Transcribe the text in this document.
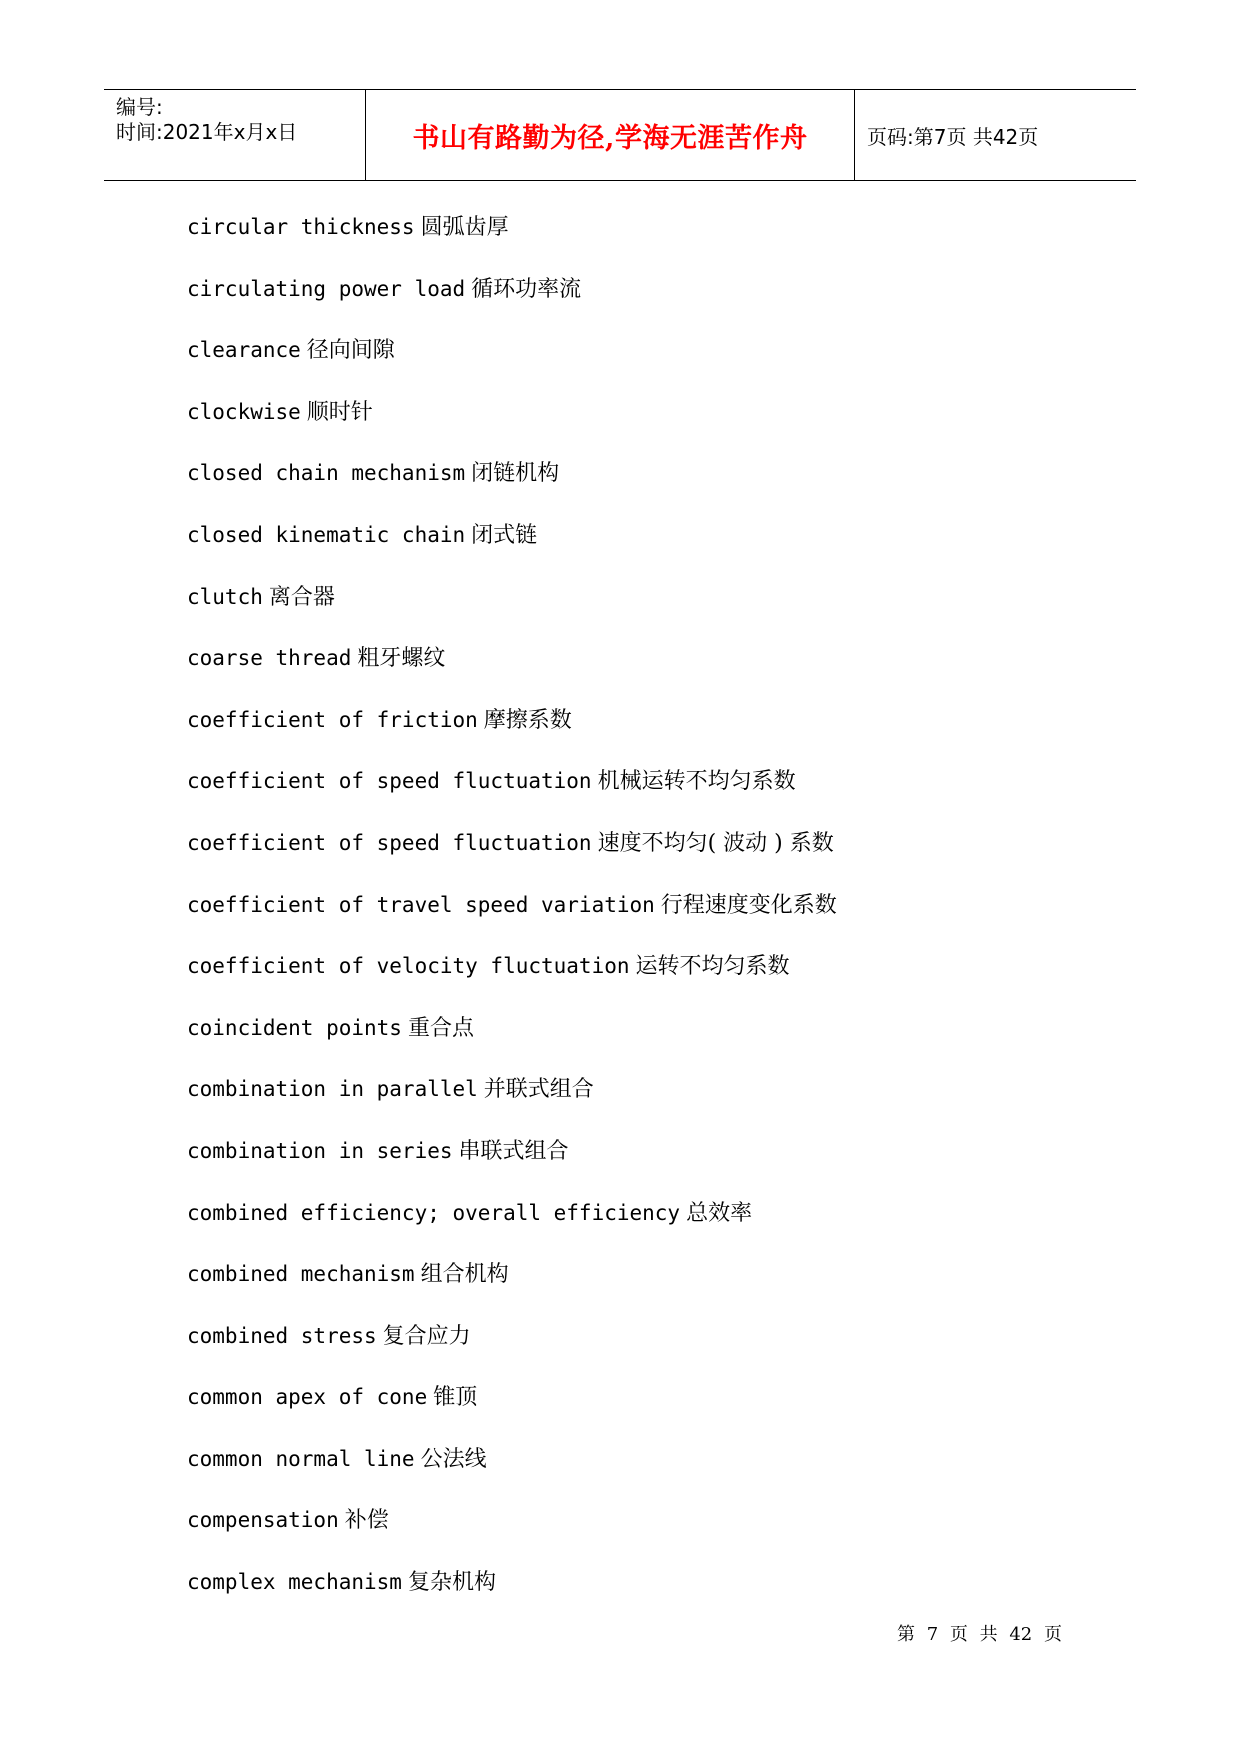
编号:
时间:2021年x月x日	书山有路勤为径,学海无涯苦作舟	页码:第7页 共42页
circular thickness 圆弧齿厚
circulating power load 循环功率流
clearance 径向间隙
clockwise 顺时针
closed chain mechanism 闭链机构
closed kinematic chain 闭式链
clutch 离合器
coarse thread 粗牙螺纹
coefficient of friction 摩擦系数
coefficient of speed fluctuation 机械运转不均匀系数
coefficient of speed fluctuation 速度不均匀( 波动 ) 系数
coefficient of travel speed variation 行程速度变化系数
coefficient of velocity fluctuation 运转不均匀系数
coincident points 重合点
combination in parallel 并联式组合
combination in series 串联式组合
combined efficiency; overall efficiency 总效率
combined mechanism 组合机构
combined stress 复合应力
common apex of cone 锥顶
common normal line 公法线
compensation 补偿
complex mechanism 复杂机构
第 7 页 共 42 页
